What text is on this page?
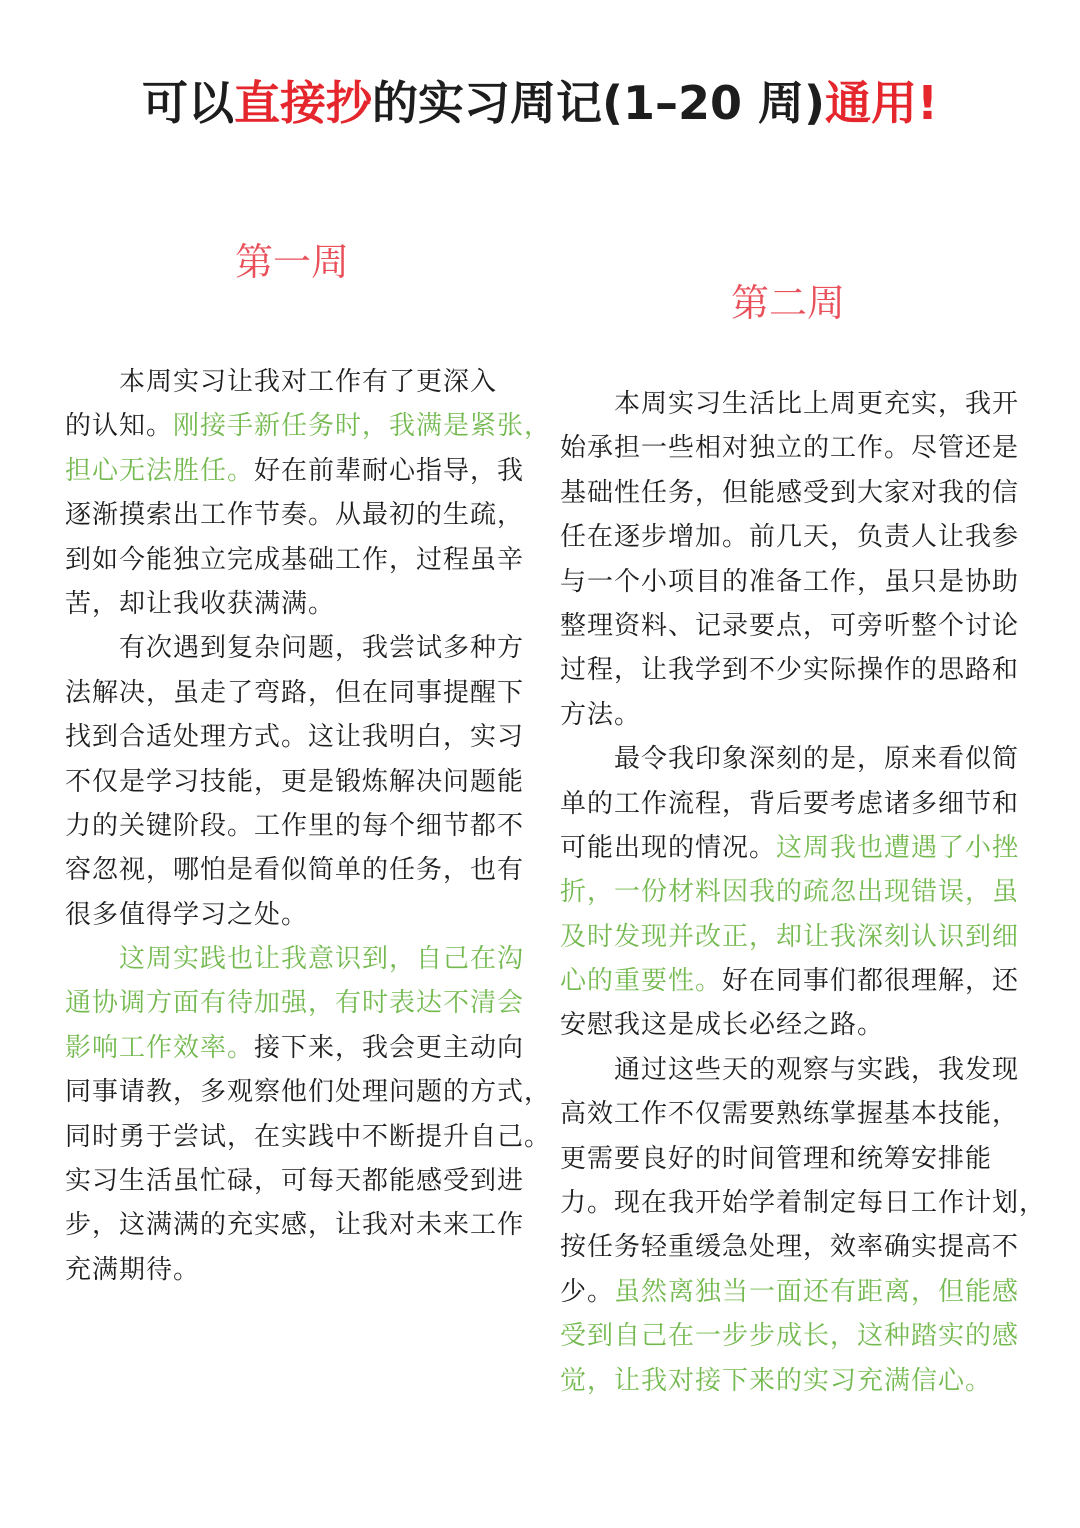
可以直接抄的实习周记(1–20 周)通用!
第一周
第二周
本周实习让我对工作有了更深入
的认知。刚接手新任务时，我满是紧张，
担心无法胜任。好在前辈耐心指导，我
逐渐摸索出工作节奏。从最初的生疏，
到如今能独立完成基础工作，过程虽辛
苦，却让我收获满满。
有次遇到复杂问题，我尝试多种方
法解决，虽走了弯路，但在同事提醒下
找到合适处理方式。这让我明白，实习
不仅是学习技能，更是锻炼解决问题能
力的关键阶段。工作里的每个细节都不
容忽视，哪怕是看似简单的任务，也有
很多值得学习之处。
这周实践也让我意识到，自己在沟
通协调方面有待加强，有时表达不清会
影响工作效率。接下来，我会更主动向
同事请教，多观察他们处理问题的方式，
同时勇于尝试，在实践中不断提升自己。
实习生活虽忙碌，可每天都能感受到进
步，这满满的充实感，让我对未来工作
充满期待。
本周实习生活比上周更充实，我开
始承担一些相对独立的工作。尽管还是
基础性任务，但能感受到大家对我的信
任在逐步增加。前几天，负责人让我参
与一个小项目的准备工作，虽只是协助
整理资料、记录要点，可旁听整个讨论
过程，让我学到不少实际操作的思路和
方法。
最令我印象深刻的是，原来看似简
单的工作流程，背后要考虑诸多细节和
可能出现的情况。这周我也遭遇了小挫
折，一份材料因我的疏忽出现错误，虽
及时发现并改正，却让我深刻认识到细
心的重要性。好在同事们都很理解，还
安慰我这是成长必经之路。
通过这些天的观察与实践，我发现
高效工作不仅需要熟练掌握基本技能，
更需要良好的时间管理和统筹安排能
力。现在我开始学着制定每日工作计划，
按任务轻重缓急处理，效率确实提高不
少。虽然离独当一面还有距离，但能感
受到自己在一步步成长，这种踏实的感
觉，让我对接下来的实习充满信心。
